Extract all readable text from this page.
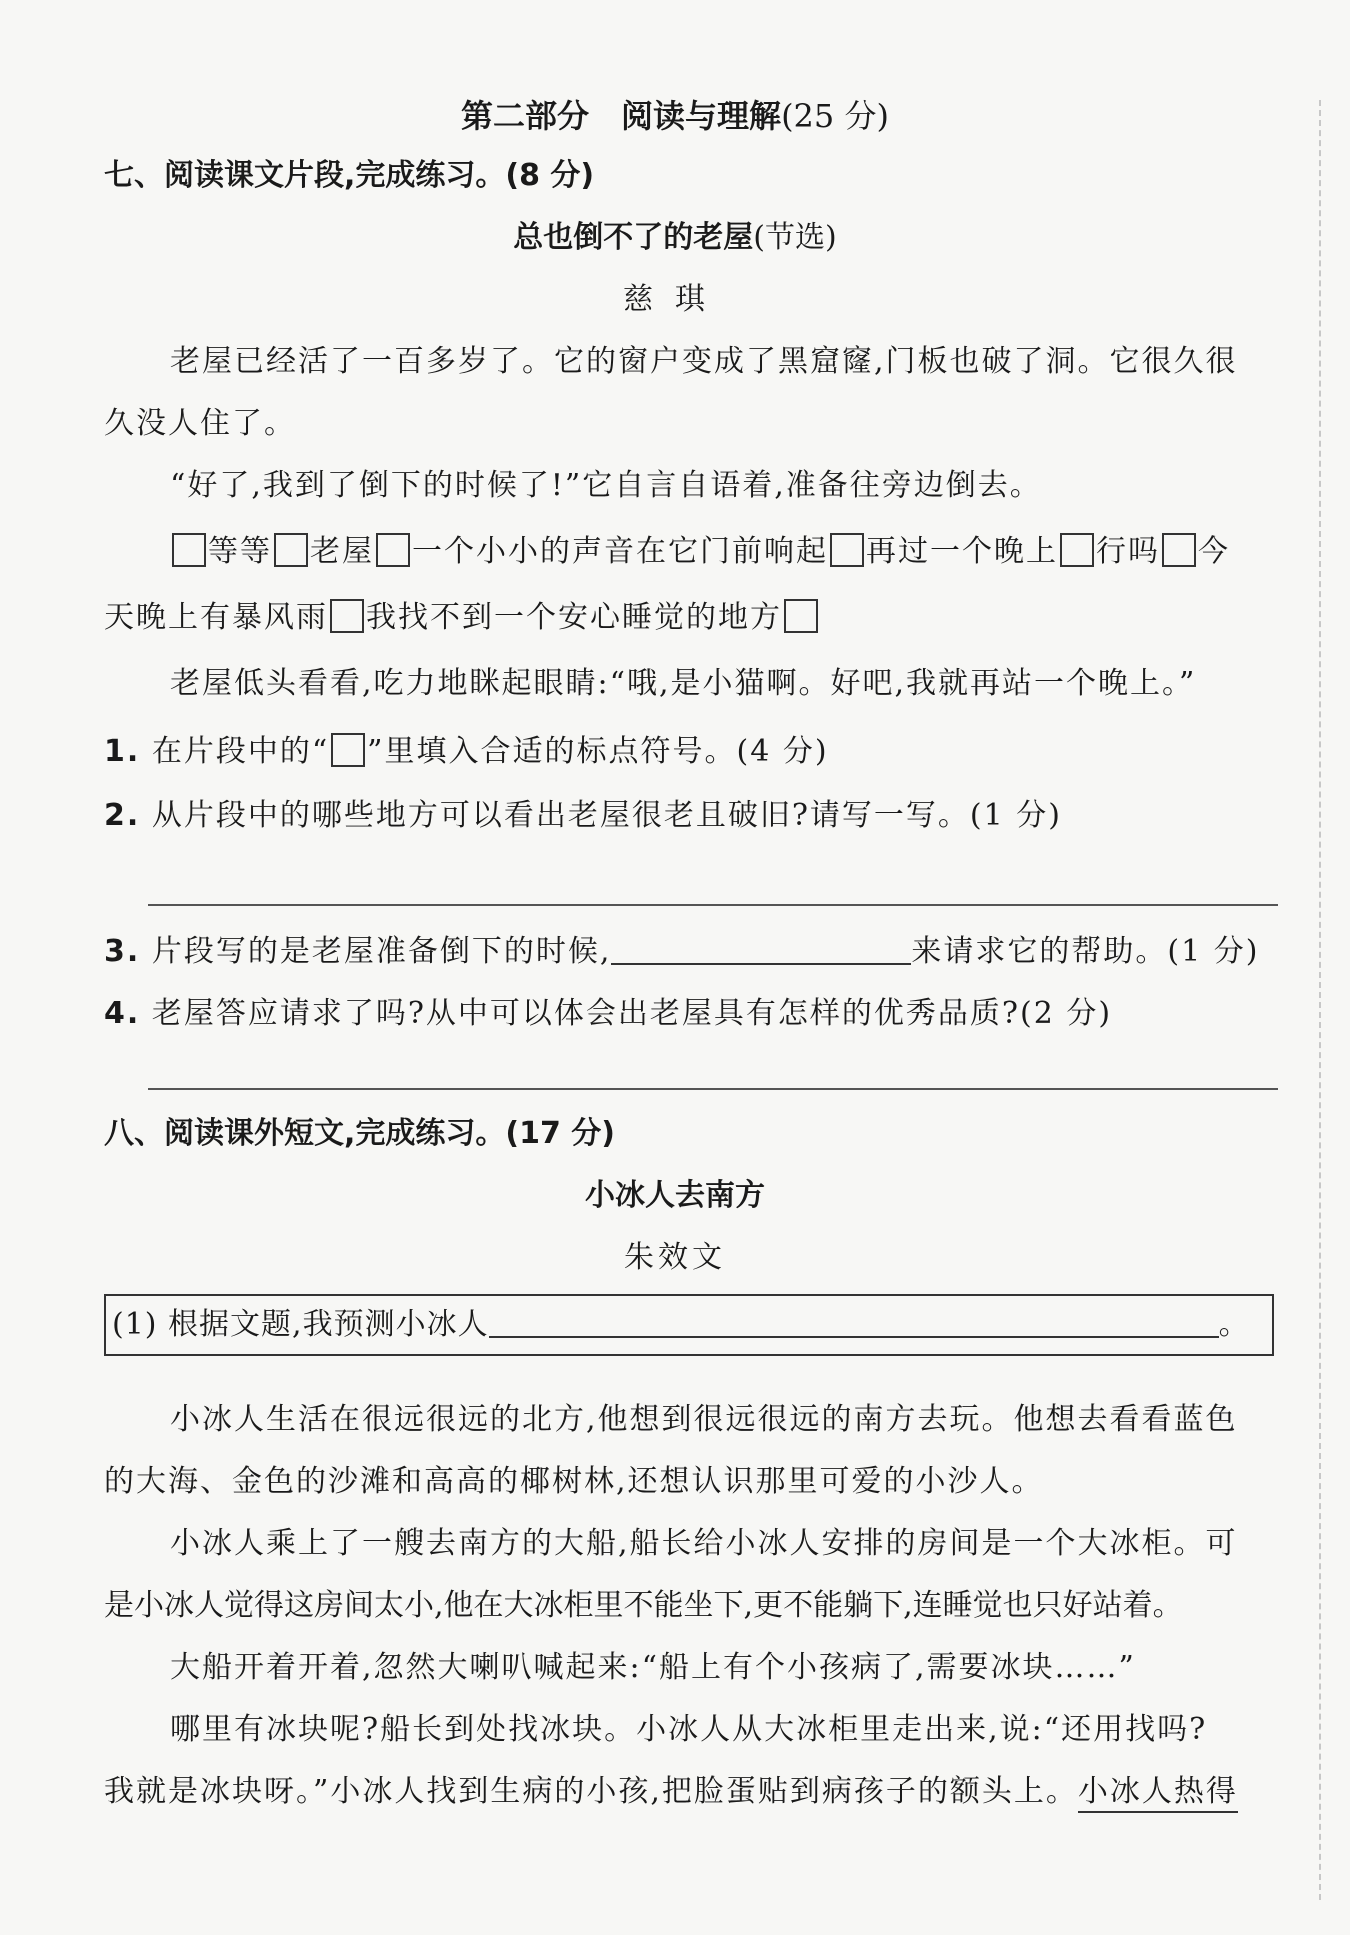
第二部分　阅读与理解(25 分)
七、阅读课文片段,完成练习。(8 分)
总也倒不了的老屋(节选)
慈琪
老屋已经活了一百多岁了。它的窗户变成了黑窟窿,门板也破了洞。它很久很
久没人住了。
“好了,我到了倒下的时候了!”它自言自语着,准备往旁边倒去。
等等 老屋 一个小小的声音在它门前响起 再过一个晚上 行吗 今
天晚上有暴风雨 我找不到一个安心睡觉的地方
老屋低头看看,吃力地眯起眼睛:“哦,是小猫啊。好吧,我就再站一个晚上。”
1. 在片段中的“ ”里填入合适的标点符号。(4 分)
2. 从片段中的哪些地方可以看出老屋很老且破旧?请写一写。(1 分)
3. 片段写的是老屋准备倒下的时候,	来请求它的帮助。(1 分)
4. 老屋答应请求了吗?从中可以体会出老屋具有怎样的优秀品质?(2 分)
八、阅读课外短文,完成练习。(17 分)
小冰人去南方
朱效文
(1) 根据文题,我预测小冰人	。
小冰人生活在很远很远的北方,他想到很远很远的南方去玩。他想去看看蓝色
的大海、金色的沙滩和高高的椰树林,还想认识那里可爱的小沙人。
小冰人乘上了一艘去南方的大船,船长给小冰人安排的房间是一个大冰柜。可
是小冰人觉得这房间太小,他在大冰柜里不能坐下,更不能躺下,连睡觉也只好站着。
大船开着开着,忽然大喇叭喊起来:“船上有个小孩病了,需要冰块……”
哪里有冰块呢?船长到处找冰块。小冰人从大冰柜里走出来,说:“还用找吗?
我就是冰块呀。”小冰人找到生病的小孩,把脸蛋贴到病孩子的额头上。小冰人热得
